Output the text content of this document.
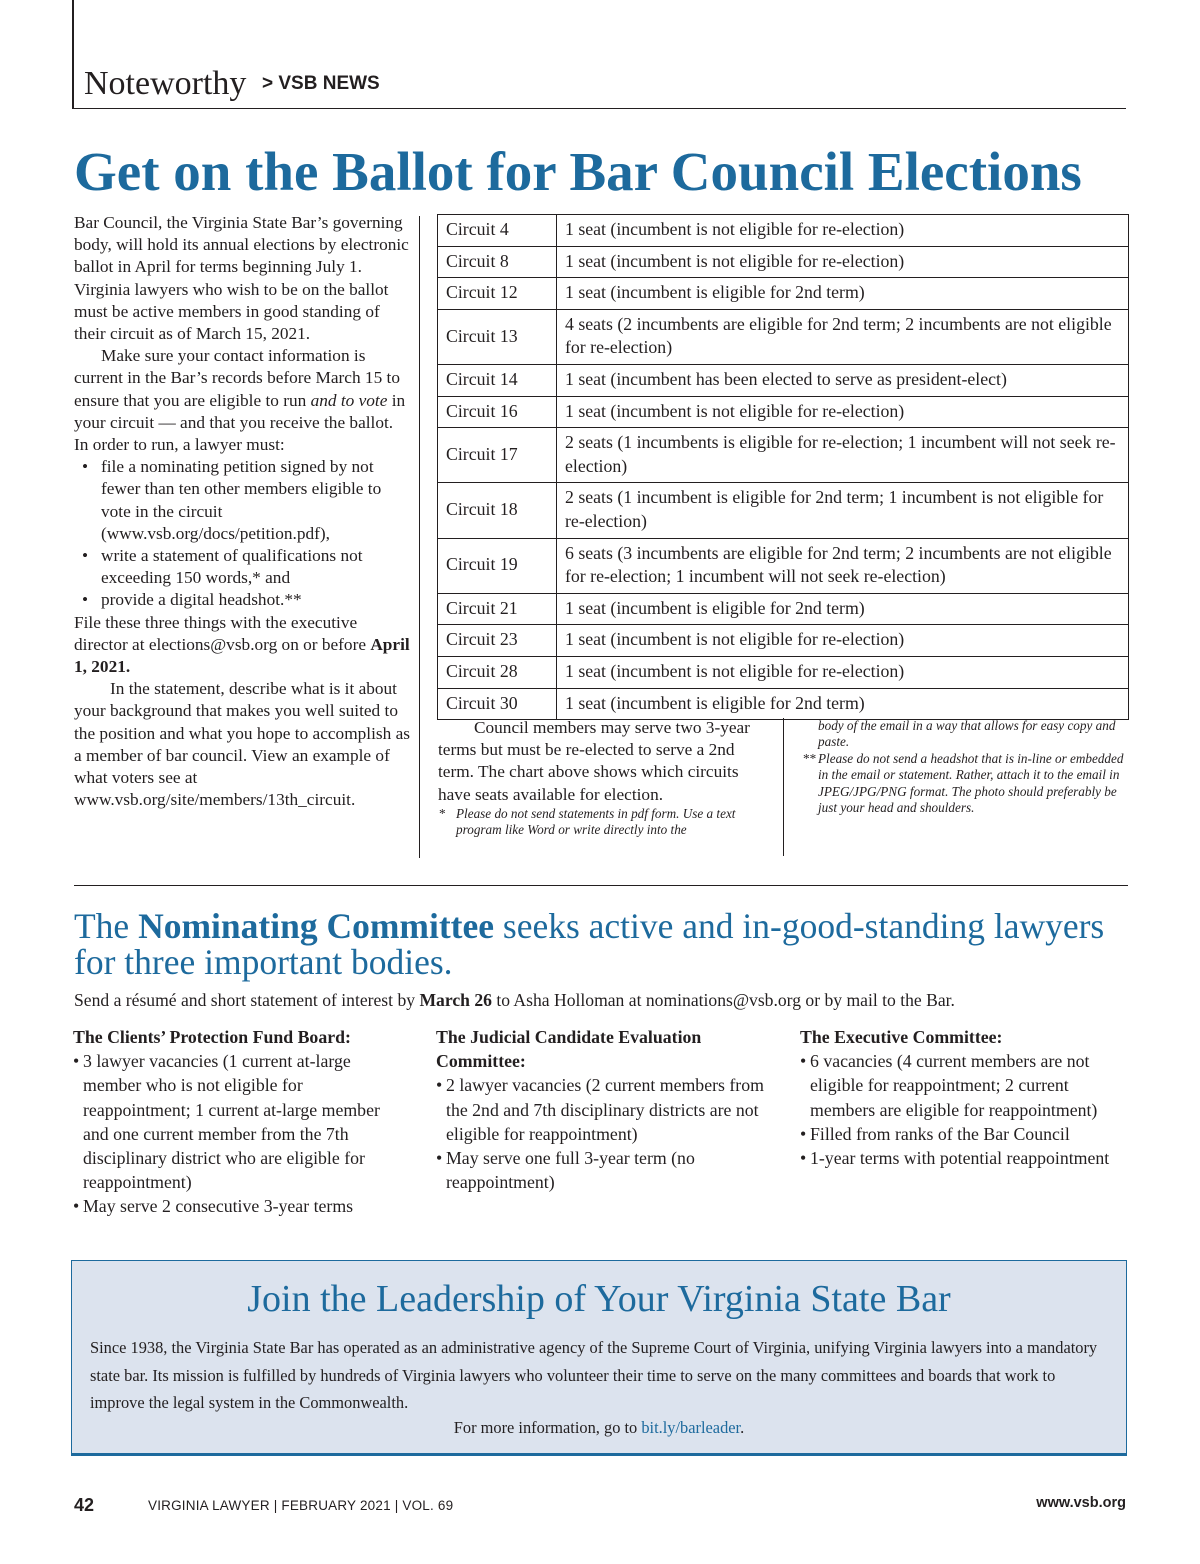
Noteworthy > VSB NEWS
Get on the Ballot for Bar Council Elections

Bar Council, the Virginia State Bar’s governing body, will hold its annual elections by electronic ballot in April for terms beginning July 1. Virginia lawyers who wish to be on the ballot must be active members in good standing of their circuit as of March 15, 2021.

Make sure your contact information is current in the Bar’s records before March 15 to ensure that you are eligible to run and to vote in your circuit — and that you receive the ballot.

In order to run, a lawyer must:

• file a nominating petition signed by not fewer than ten other members eligible to vote in the circuit (www.vsb.org/docs/petition.pdf),
• write a statement of qualifications not exceeding 150 words,* and
• provide a digital headshot.**

File these three things with the executive director at elections@vsb.org on or before April 1, 2021.

In the statement, describe what is it about your background that makes you well suited to the position and what you hope to accomplish as a member of bar council. View an example of what voters see at www.vsb.org/site/members/13th_circuit.

Circuit 4	1 seat (incumbent is not eligible for re-election)
Circuit 8	1 seat (incumbent is not eligible for re-election)
Circuit 12	1 seat (incumbent is eligible for 2nd term)
Circuit 13	4 seats (2 incumbents are eligible for 2nd term; 2 incumbents are not eligible for re-election)
Circuit 14	1 seat (incumbent has been elected to serve as president-elect)
Circuit 16	1 seat (incumbent is not eligible for re-election)
Circuit 17	2 seats (1 incumbents is eligible for re-election; 1 incumbent will not seek re-election)
Circuit 18	2 seats (1 incumbent is eligible for 2nd term; 1 incumbent is not eligible for re-election)
Circuit 19	6 seats (3 incumbents are eligible for 2nd term; 2 incumbents are not eligible for re-election; 1 incumbent will not seek re-election)
Circuit 21	1 seat (incumbent is eligible for 2nd term)
Circuit 23	1 seat (incumbent is not eligible for re-election)
Circuit 28	1 seat (incumbent is not eligible for re-election)
Circuit 30	1 seat (incumbent is eligible for 2nd term)

Council members may serve two 3-year terms but must be re-elected to serve a 2nd term. The chart above shows which circuits have seats available for election.

* Please do not send statements in pdf form. Use a text program like Word or write directly into the

body of the email in a way that allows for easy copy and paste.

** Please do not send a headshot that is in-line or embedded in the email or statement. Rather, attach it to the email in JPEG/JPG/PNG format. The photo should preferably be just your head and shoulders.

The Nominating Committee seeks active and in-good-standing lawyers for three important bodies.
Send a résumé and short statement of interest by March 26 to Asha Holloman at nominations@vsb.org or by mail to the Bar.
The Clients’ Protection Fund Board:
• 3 lawyer vacancies (1 current at-large member who is not eligible for reappointment; 1 current at-large member and one current member from the 7th disciplinary district who are eligible for reappointment)
• May serve 2 consecutive 3-year terms
The Judicial Candidate Evaluation Committee:
• 2 lawyer vacancies (2 current members from the 2nd and 7th disciplinary districts are not eligible for reappointment)
• May serve one full 3-year term (no reappointment)
The Executive Committee:
• 6 vacancies (4 current members are not eligible for reappointment; 2 current members are eligible for reappointment)
• Filled from ranks of the Bar Council
• 1-year terms with potential reappointment
Join the Leadership of Your Virginia State Bar
Since 1938, the Virginia State Bar has operated as an administrative agency of the Supreme Court of Virginia, unifying Virginia lawyers into a mandatory state bar. Its mission is fulfilled by hundreds of Virginia lawyers who volunteer their time to serve on the many committees and boards that work to improve the legal system in the Commonwealth.
For more information, go to bit.ly/barleader.
42	VIRGINIA LAWYER | FEBRUARY 2021 | VOL. 69	www.vsb.org
